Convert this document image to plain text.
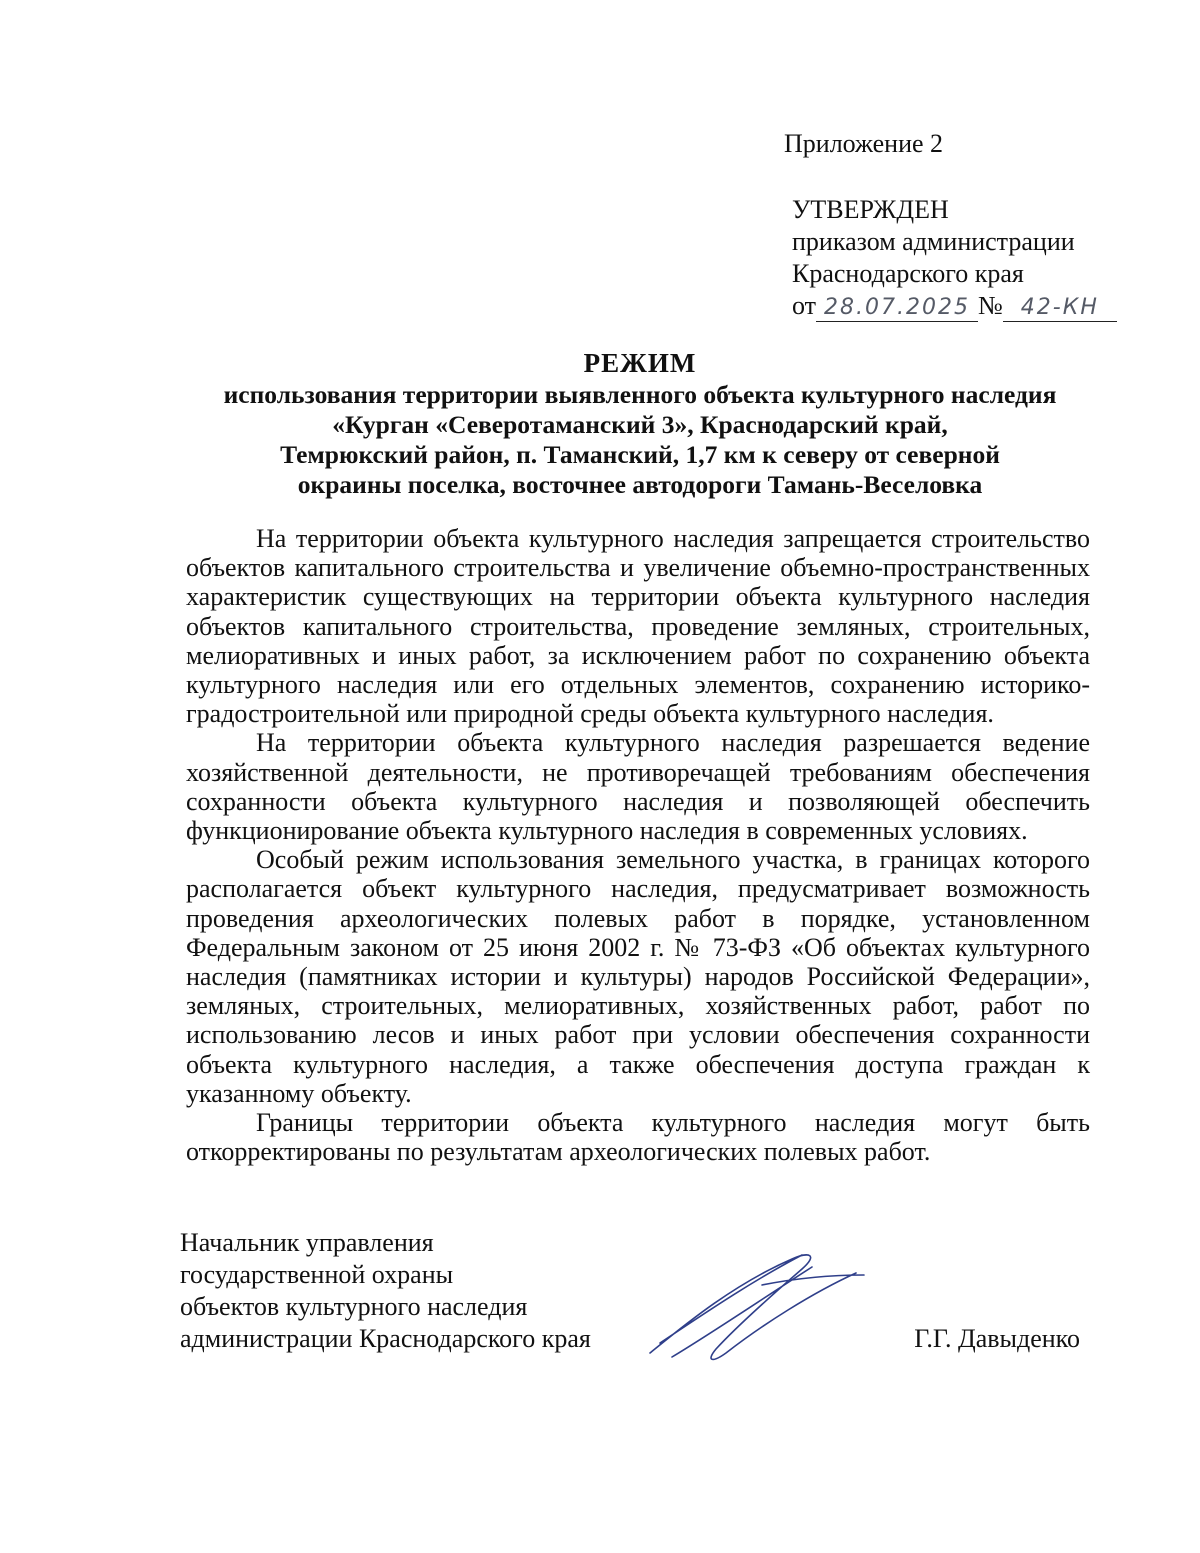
Приложение 2
УТВЕРЖДЕН
приказом администрации
Краснодарского края
от 28.07.2025 № 42-КН
РЕЖИМ
использования территории выявленного объекта культурного наследия
«Курган «Северотаманский 3», Краснодарский край,
Темрюкский район, п. Таманский, 1,7 км к северу от северной
окраины поселка, восточнее автодороги Тамань-Веселовка

На территории объекта культурного наследия запрещается строительство объектов капитального строительства и увеличение объемно-пространственных характеристик существующих на территории объекта культурного наследия объектов капитального строительства, проведение земляных, строительных, мелиоративных и иных работ, за исключением работ по сохранению объекта культурного наследия или его отдельных элементов, сохранению историко-градостроительной или природной среды объекта культурного наследия.

На территории объекта культурного наследия разрешается ведение хозяйственной деятельности, не противоречащей требованиям обеспечения сохранности объекта культурного наследия и позволяющей обеспечить функционирование объекта культурного наследия в современных условиях.

Особый режим использования земельного участка, в границах которого располагается объект культурного наследия, предусматривает возможность проведения археологических полевых работ в порядке, установленном Федеральным законом от 25 июня 2002 г. № 73-ФЗ «Об объектах культурного наследия (памятниках истории и культуры) народов Российской Федерации», земляных, строительных, мелиоративных, хозяйственных работ, работ по использованию лесов и иных работ при условии обеспечения сохранности объекта культурного наследия, а также обеспечения доступа граждан к указанному объекту.

Границы территории объекта культурного наследия могут быть откорректированы по результатам археологических полевых работ.

Начальник управления
государственной охраны
объектов культурного наследия
администрации Краснодарского края	Г.Г. Давыденко
